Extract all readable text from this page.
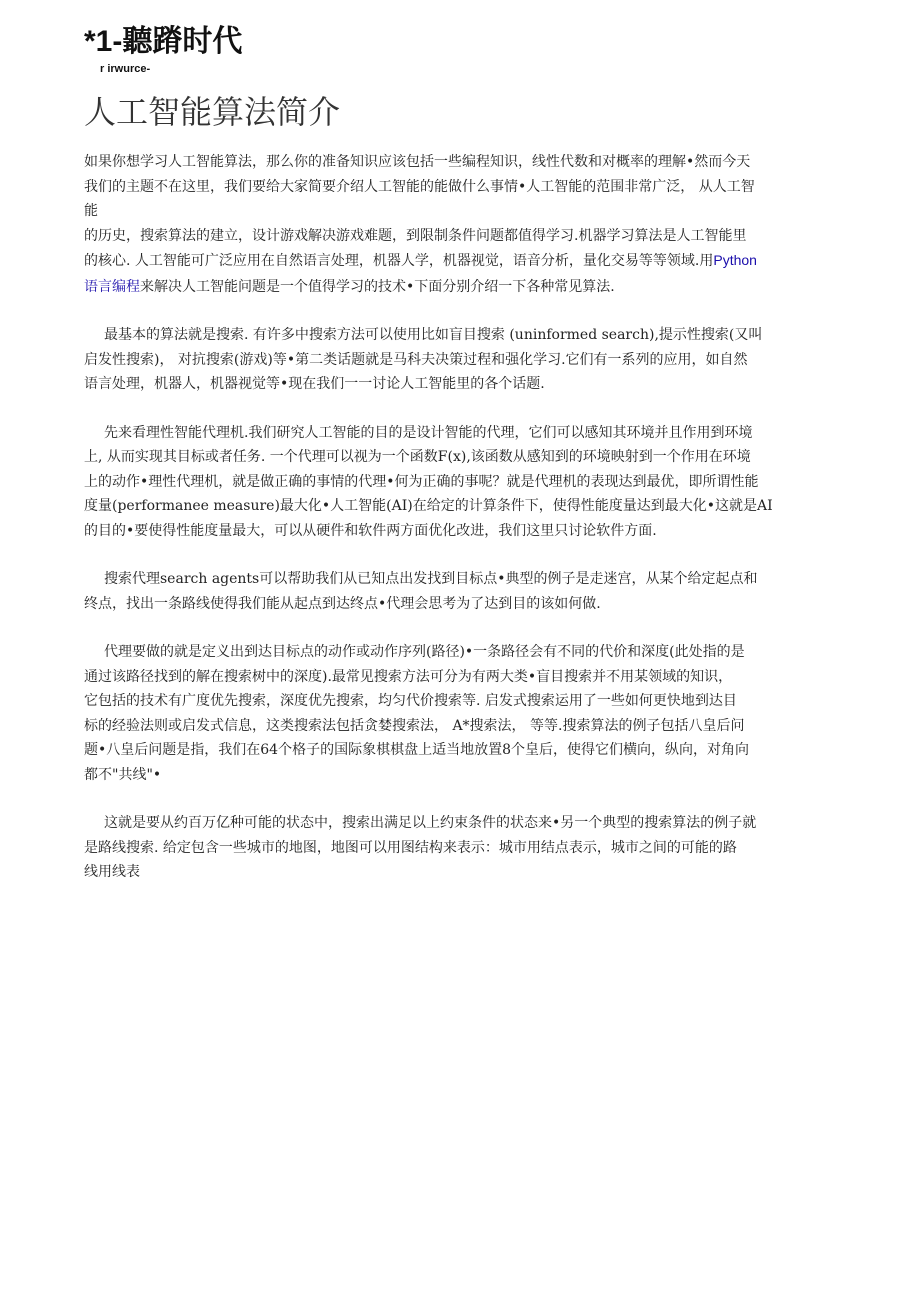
*1-聽蹐时代
r irwurce-
人工智能算法简介

如果你想学习人工智能算法，那么你的准备知识应该包括一些编程知识，线性代数和对概率的理解•然而今天
我们的主题不在这里，我们要给大家简要介绍人工智能的能做什么事情•人工智能的范围非常广泛， 从人工智
能
的历史，搜索算法的建立，设计游戏解决游戏难题，到限制条件问题都值得学习.机器学习算法是人工智能里
的核心. 人工智能可广泛应用在自然语言处理，机器人学，机器视觉，语音分析，量化交易等等领域.用Python
语言编程来解决人工智能问题是一个值得学习的技术•下面分别介绍一下各种常见算法.

最基本的算法就是搜索. 有许多中搜索方法可以使用比如盲目搜索 (uninformed search),提示性搜索(又叫
启发性搜索)， 对抗搜索(游戏)等•第二类话题就是马科夫决策过程和强化学习.它们有一系列的应用，如自然
语言处理，机器人，机器视觉等•现在我们一一讨论人工智能里的各个话题.

先来看理性智能代理机.我们研究人工智能的目的是设计智能的代理，它们可以感知其环境并且作用到环境
上, 从而实现其目标或者任务. 一个代理可以视为一个函数F(x),该函数从感知到的环境映射到一个作用在环境
上的动作•理性代理机，就是做正确的事情的代理•何为正确的事呢？就是代理机的表现达到最优，即所谓性能
度量(performanee measure)最大化•人工智能(AI)在给定的计算条件下，使得性能度量达到最大化•这就是AI
的目的•要使得性能度量最大，可以从硬件和软件两方面优化改进，我们这里只讨论软件方面.

搜索代理search agents可以帮助我们从已知点出发找到目标点•典型的例子是走迷宫，从某个给定起点和
终点，找出一条路线使得我们能从起点到达终点•代理会思考为了达到目的该如何做.

代理要做的就是定义出到达目标点的动作或动作序列(路径)•一条路径会有不同的代价和深度(此处指的是
通过该路径找到的解在搜索树中的深度).最常见搜索方法可分为有两大类•盲目搜索并不用某领域的知识，
它包括的技术有广度优先搜索，深度优先搜索，均匀代价搜索等. 启发式搜索运用了一些如何更快地到达目
标的经验法则或启发式信息，这类搜索法包括贪婪搜索法， A*搜索法， 等等.搜索算法的例子包括八皇后问
题•八皇后问题是指，我们在64个格子的国际象棋棋盘上适当地放置8个皇后，使得它们横向，纵向，对角向
都不"共线"•

这就是要从约百万亿种可能的状态中，搜索出满足以上约束条件的状态来•另一个典型的搜索算法的例子就
是路线搜索. 给定包含一些城市的地图，地图可以用图结构来表示：城市用结点表示，城市之间的可能的路
线用线表
